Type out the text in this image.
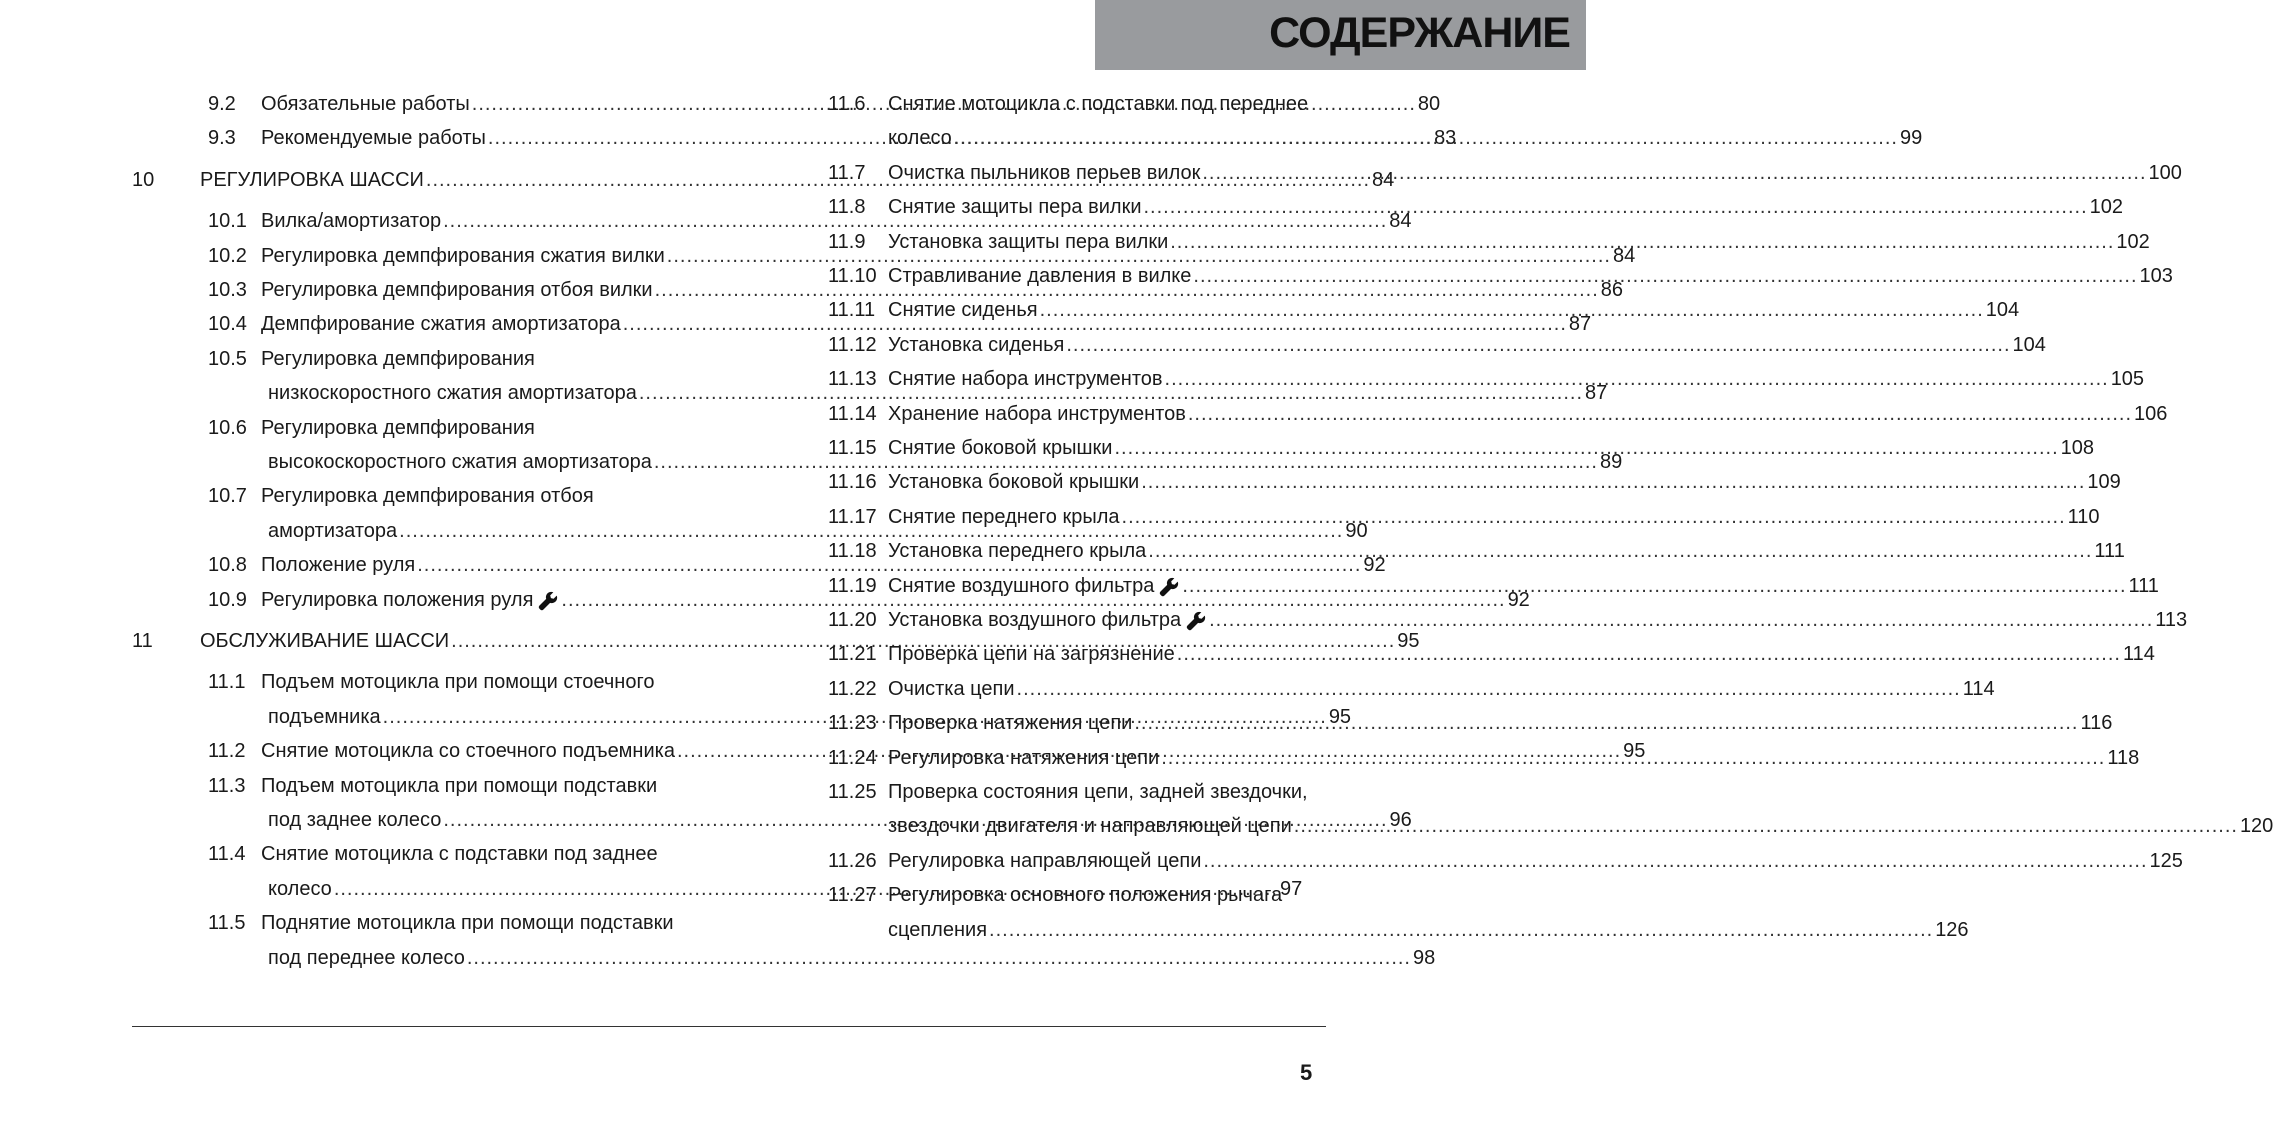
СОДЕРЖАНИЕ
9.2	Обязательные работы .....	80
9.3	Рекомендуемые работы .....	83
10	РЕГУЛИРОВКА ШАССИ .....	84
10.1 Вилка/амортизатор .....	84
10.2 Регулировка демпфирования сжатия вилки .....	84
10.3 Регулировка демпфирования отбоя вилки .....	86
10.4 Демпфирование сжатия амортизатора .....	87
10.5 Регулировка демпфирования
низкоскоростного сжатия амортизатора .....	87
10.6 Регулировка демпфирования
высокоскоростного сжатия амортизатора .....	89
10.7 Регулировка демпфирования отбоя
амортизатора .....	90
10.8 Положение руля .....	92
10.9 Регулировка положения руля .....	92
11	ОБСЛУЖИВАНИЕ ШАССИ .....	95
11.1 Подъем мотоцикла при помощи стоечного
подъемника .....	95
11.2 Снятие мотоцикла со стоечного подъемника .....	95
11.3 Подъем мотоцикла при помощи подставки
под заднее колесо .....	96
11.4 Снятие мотоцикла с подставки под заднее
колесо .....	97
11.5 Поднятие мотоцикла при помощи подставки
под переднее колесо .....	98
11.6	Снятие мотоцикла с подставки под переднее
колесо .....	99
11.7	Очистка пыльников перьев вилок .....	100
11.8	Снятие защиты пера вилки .....	102
11.9	Установка защиты пера вилки .....	102
11.10 Стравливание давления в вилке .....	103
11.11 Снятие сиденья .....	104
11.12 Установка сиденья .....	104
11.13 Снятие набора инструментов .....	105
11.14 Хранение набора инструментов .....	106
11.15 Снятие боковой крышки .....	108
11.16 Установка боковой крышки .....	109
11.17 Снятие переднего крыла .....	110
11.18 Установка переднего крыла .....	111
11.19 Снятие воздушного фильтра .....	111
11.20 Установка воздушного фильтра .....	113
11.21 Проверка цепи на загрязнение .....	114
11.22 Очистка цепи .....	114
11.23 Проверка натяжения цепи .....	116
11.24 Регулировка натяжения цепи .....	118
11.25 Проверка состояния цепи, задней звездочки,
звездочки двигателя и направляющей цепи .....	120
11.26 Регулировка направляющей цепи .....	125
11.27 Регулировка основного положения рычага
сцепления .....	126
5
